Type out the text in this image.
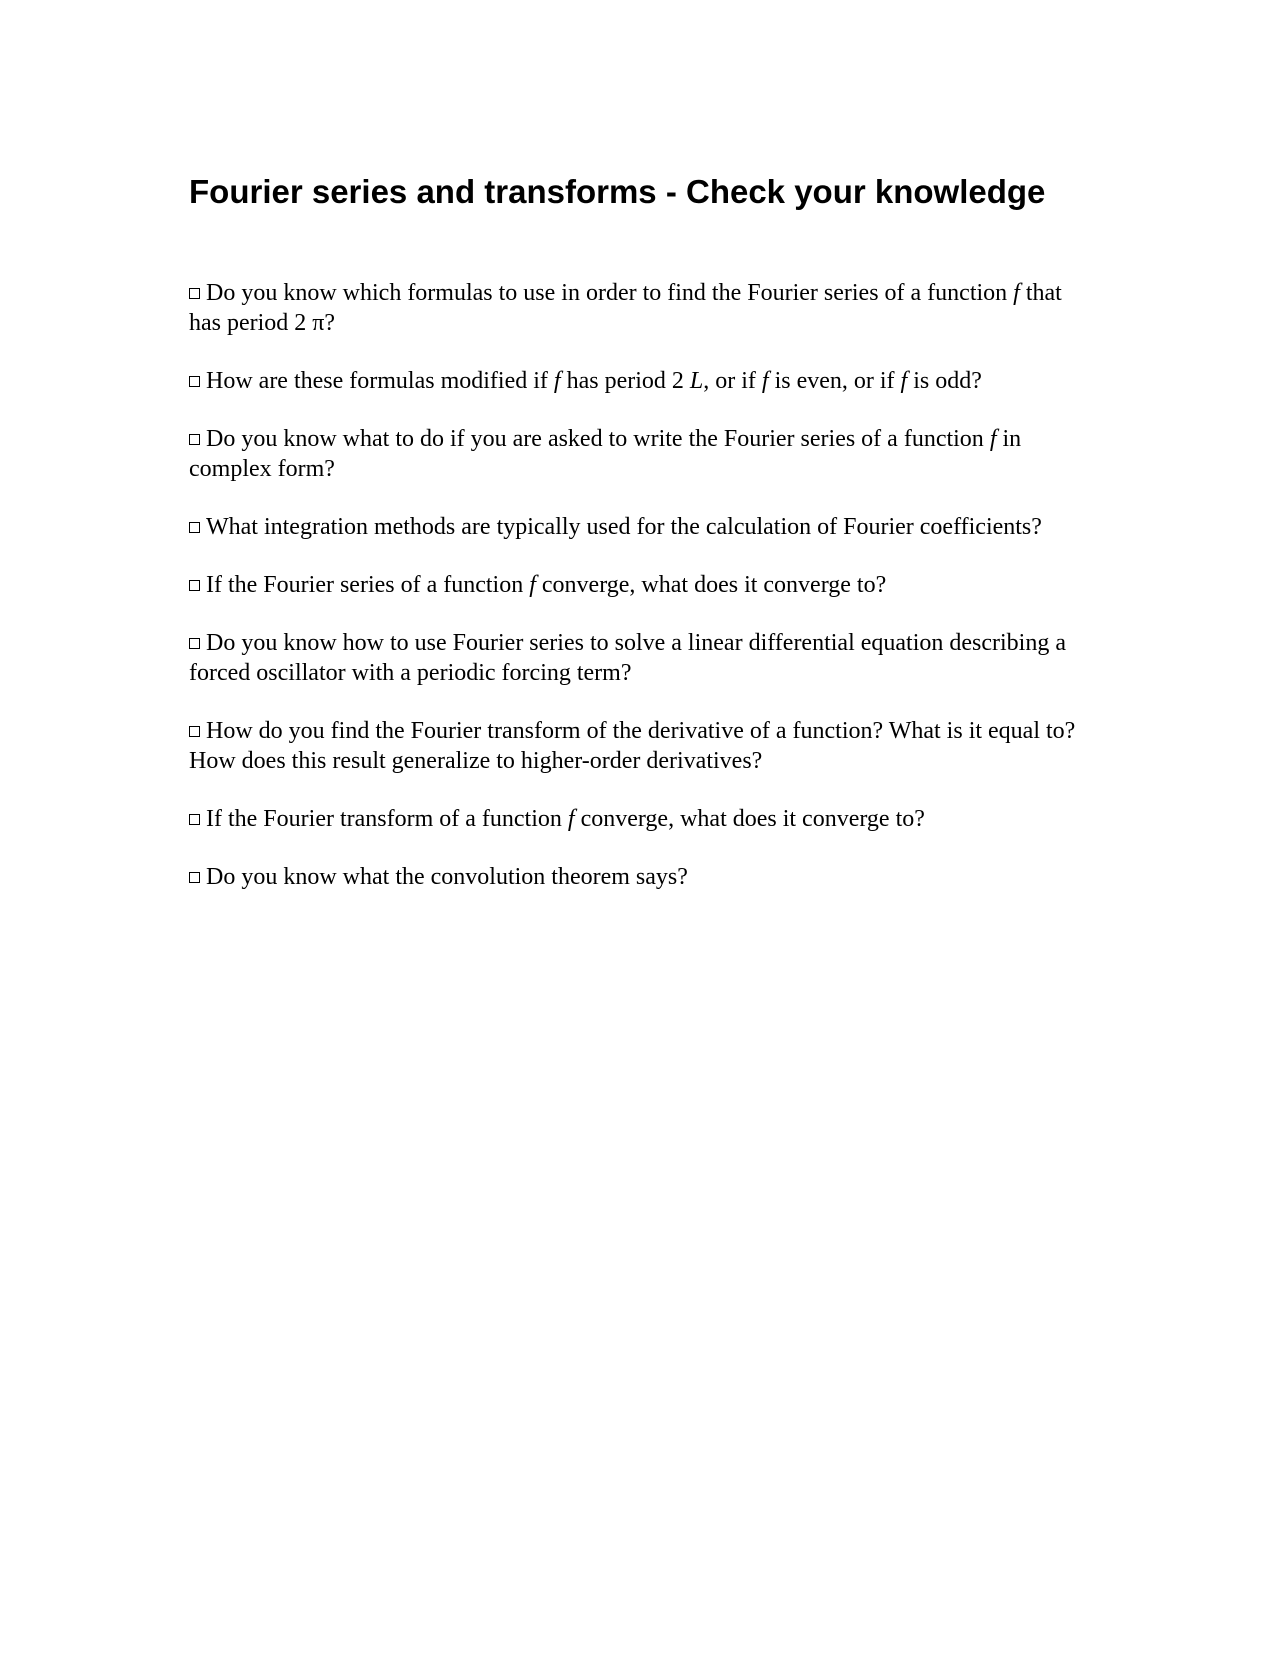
Fourier series and transforms - Check your knowledge
Do you know which formulas to use in order to find the Fourier series of a function f that has period 2 π?
How are these formulas modified if f has period 2 L, or if f is even, or if f is odd?
Do you know what to do if you are asked to write the Fourier series of a function f in complex form?
What integration methods are typically used for the calculation of Fourier coefficients?
If the Fourier series of a function f converge, what does it converge to?
Do you know how to use Fourier series to solve a linear differential equation describing a forced oscillator with a periodic forcing term?
How do you find the Fourier transform of the derivative of a function? What is it equal to? How does this result generalize to higher-order derivatives?
If the Fourier transform of a function f converge, what does it converge to?
Do you know what the convolution theorem says?
